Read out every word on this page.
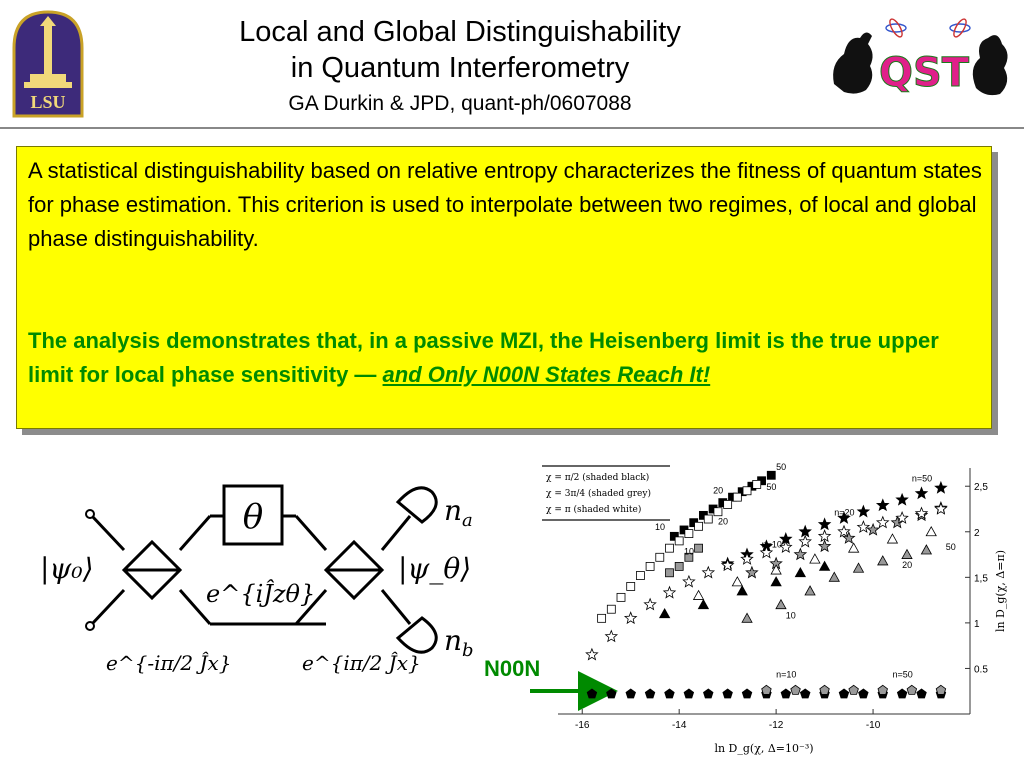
LSU
Local and Global Distinguishability
in Quantum Interferometry
GA Durkin & JPD, quant-ph/0607088
QST
A statistical distinguishability based on relative entropy characterizes the fitness of quantum states for phase estimation. This criterion is used to interpolate between two regimes, of local and global phase distinguishability.
The analysis demonstrates that, in a passive MZI, the Heisenberg limit is the true upper limit for local phase sensitivity — and Only N00N States Reach It!
θ	$n_a$
$n_b$
|ψ₀⟩	|ψ_θ⟩
e^{iĴzθ}
e^{-iπ/2 Ĵx}	e^{iπ/2 Ĵx}	N00N
-16	-14	-12	-10
0.5
1
1,5
2
2,5
ln D_g(χ, Δ=10⁻³)
ln D_g(χ, Δ=π)
50
20
10
50
20
10
n=20
n=10
n=50
50
20
10
n=10	n=50
χ = π/2 (shaded black)
χ = 3π/4 (shaded grey)
χ = π (shaded white)
